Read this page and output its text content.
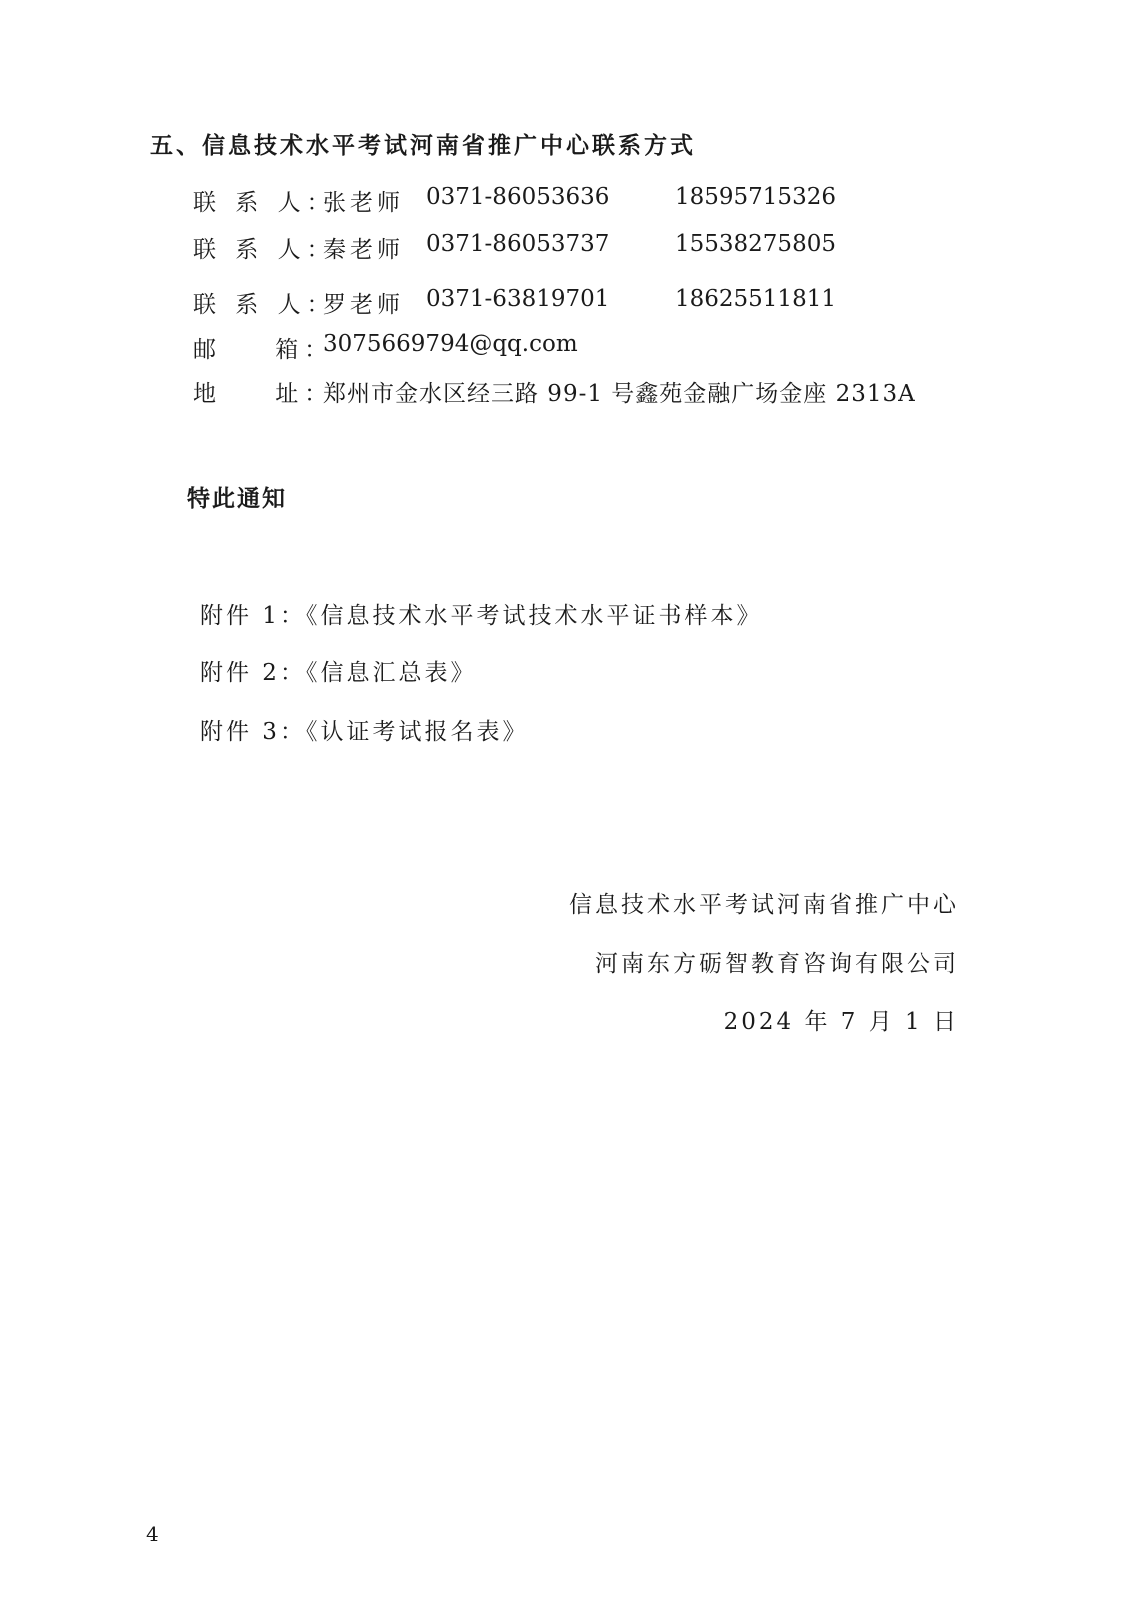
五、信息技术水平考试河南省推广中心联系方式
联 系 人：
张老师 0371-86053636	18595715326
联 系 人：
秦老师 0371-86053737	15538275805
联 系 人：
罗老师 0371-63819701	18625511811
邮    箱：
3075669794@qq.com
地    址：
郑州市金水区经三路 99-1 号鑫苑金融广场金座 2313A
特此通知
附件 1：《信息技术水平考试技术水平证书样本》
附件 2：《信息汇总表》
附件 3：《认证考试报名表》
信息技术水平考试河南省推广中心
河南东方砺智教育咨询有限公司
2024 年 7 月 1 日
4
